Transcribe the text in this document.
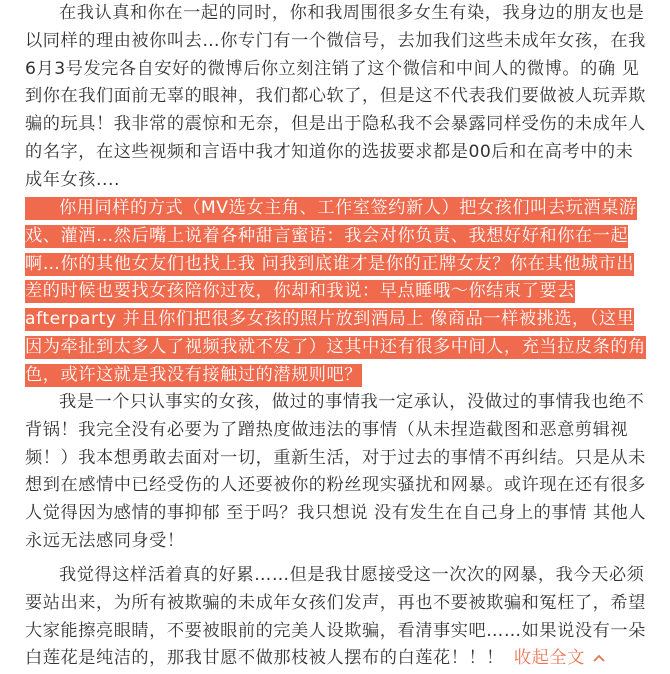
在我认真和你在一起的同时，你和我周围很多女生有染，我身边的朋友也是以同样的理由被你叫去…你专门有一个微信号，去加我们这些未成年女孩，在我6月3号发完各自安好的微博后你立刻注销了这个微信和中间人的微博。的确 见到你在我们面前无辜的眼神，我们都心软了，但是这不代表我们要做被人玩弄欺骗的玩具！我非常的震惊和无奈，但是出于隐私我不会暴露同样受伤的未成年人的名字，在这些视频和言语中我才知道你的选拔要求都是00后和在高考中的未成年女孩....

你用同样的方式（MV选女主角、工作室签约新人）把女孩们叫去玩酒桌游戏、灌酒…然后嘴上说着各种甜言蜜语：我会对你负责、我想好好和你在一起啊…你的其他女友们也找上我 问我到底谁才是你的正牌女友？你在其他城市出差的时候也要找女孩陪你过夜，你却和我说：早点睡哦～你结束了要去afterparty 并且你们把很多女孩的照片放到酒局上 像商品一样被挑选，（这里因为牵扯到太多人了视频我就不发了）这其中还有很多中间人，充当拉皮条的角色，或许这就是我没有接触过的潜规则吧？

我是一个只认事实的女孩，做过的事情我一定承认，没做过的事情我也绝不背锅！我完全没有必要为了蹭热度做违法的事情（从未捏造截图和恶意剪辑视频！）我本想勇敢去面对一切，重新生活，对于过去的事情不再纠结。只是从未想到在感情中已经受伤的人还要被你的粉丝现实骚扰和网暴。或许现在还有很多人觉得因为感情的事抑郁 至于吗？我只想说 没有发生在自己身上的事情 其他人永远无法感同身受！

我觉得这样活着真的好累……但是我甘愿接受这一次次的网暴，我今天必须要站出来，为所有被欺骗的未成年女孩们发声，再也不要被欺骗和冤枉了，希望大家能擦亮眼睛，不要被眼前的完美人设欺骗，看清事实吧……如果说没有一朵白莲花是纯洁的，那我甘愿不做那枝被人摆布的白莲花！！！ 收起全文
